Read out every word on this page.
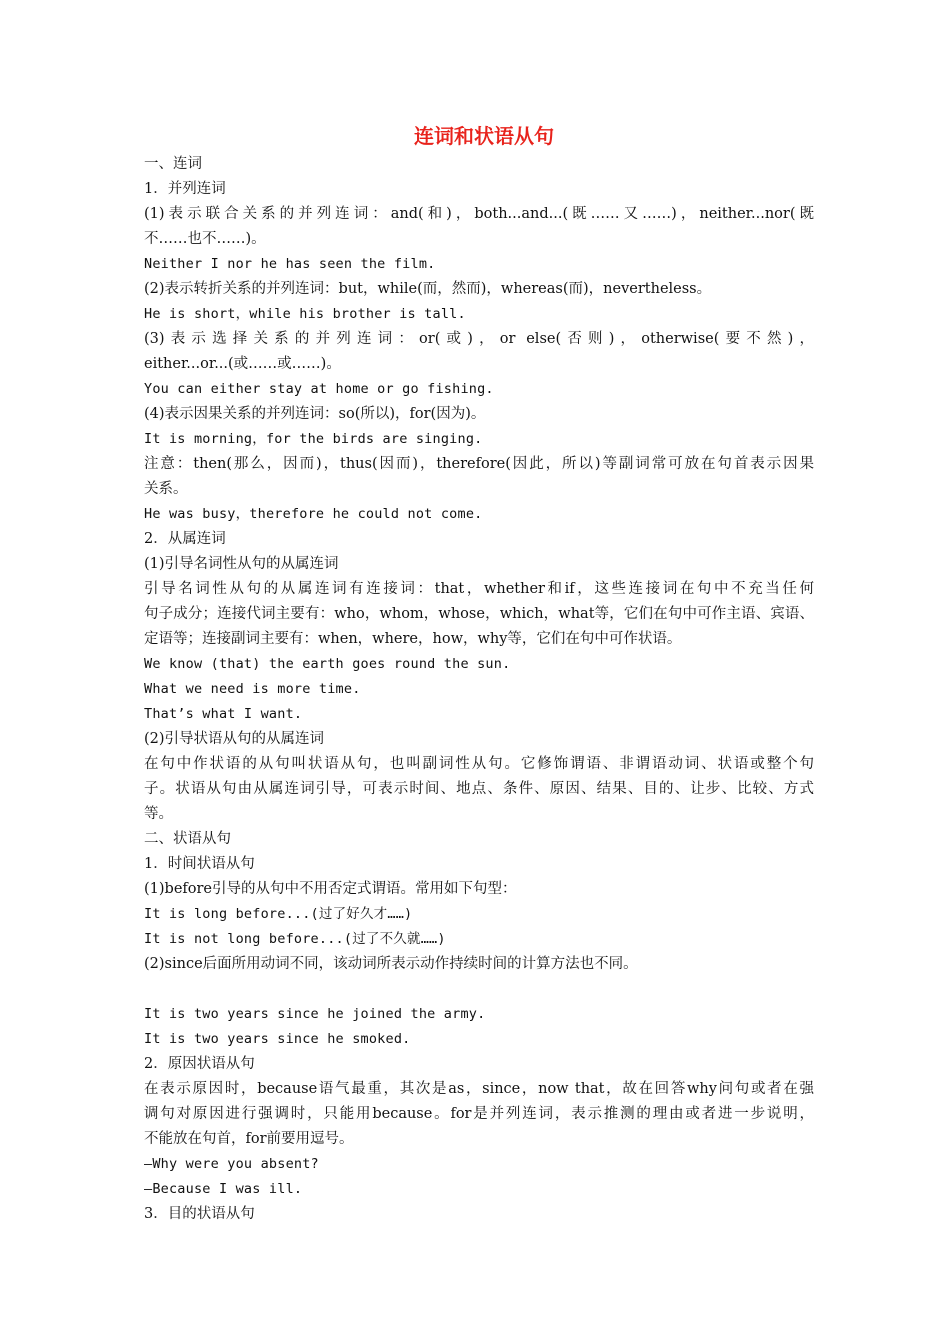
连词和状语从句
一、连词
1．并列连词
(1)表示联合关系的并列连词：and(和)，both...and...(既……又……)，neither...nor(既
不……也不……)。
Neither I nor he has seen the film.
(2)表示转折关系的并列连词：but，while(而，然而)，whereas(而)，nevertheless。
He is short，while his brother is tall.
(3)表示选择关系的并列连词：or(或)，or else(否则)，otherwise(要不然)，
either...or...(或……或……)。
You can either stay at home or go fishing.
(4)表示因果关系的并列连词：so(所以)，for(因为)。
It is morning，for the birds are singing.
注意：then(那么，因而)，thus(因而)，therefore(因此，所以)等副词常可放在句首表示因果
关系。
He was busy，therefore he could not come.
2．从属连词
(1)引导名词性从句的从属连词
引导名词性从句的从属连词有连接词：that，whether和if，这些连接词在句中不充当任何
句子成分；连接代词主要有：who，whom，whose，which，what等，它们在句中可作主语、宾语、
定语等；连接副词主要有：when，where，how，why等，它们在句中可作状语。
We know (that) the earth goes round the sun.
What we need is more time.
That’s what I want.
(2)引导状语从句的从属连词
在句中作状语的从句叫状语从句，也叫副词性从句。它修饰谓语、非谓语动词、状语或整个句
子。状语从句由从属连词引导，可表示时间、地点、条件、原因、结果、目的、让步、比较、方式
等。
二、状语从句
1．时间状语从句
(1)before引导的从句中不用否定式谓语。常用如下句型：
It is long before...(过了好久才……)
It is not long before...(过了不久就……)
(2)since后面所用动词不同，该动词所表示动作持续时间的计算方法也不同。
It is two years since he joined the army.
It is two years since he smoked.
2．原因状语从句
在表示原因时，because语气最重，其次是as，since，now that，故在回答why问句或者在强
调句对原因进行强调时，只能用because。for是并列连词，表示推测的理由或者进一步说明，
不能放在句首，for前要用逗号。
—Why were you absent?
—Because I was ill.
3．目的状语从句
